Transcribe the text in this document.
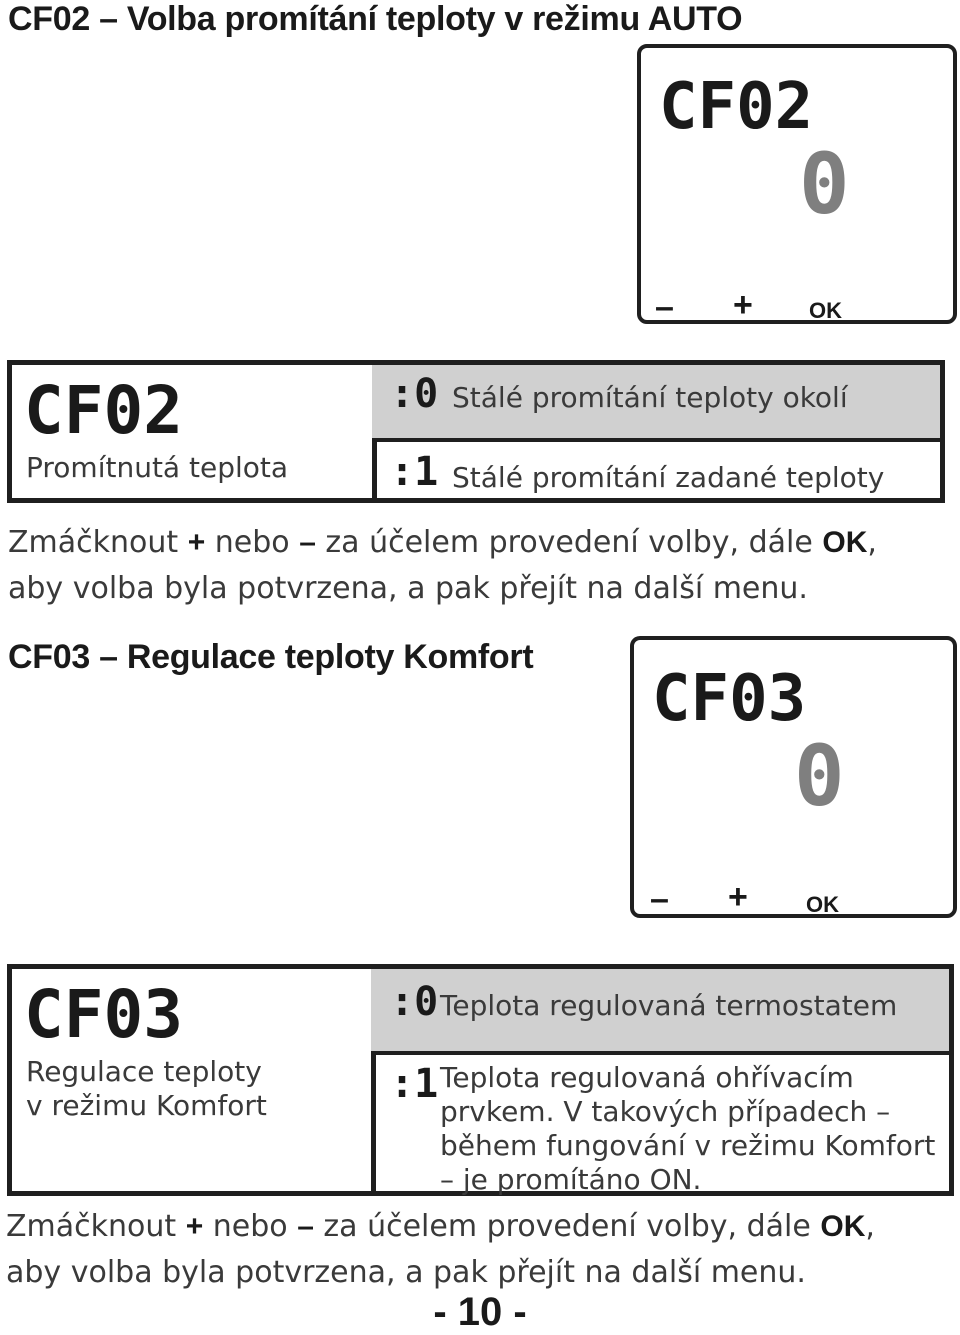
CF02 – Volba promítání teploty v režimu AUTO
CF02
0
– +	OK
CF02
Promítnutá teplota
:0 Stálé promítání teploty okolí
:1 Stálé promítání zadané teploty
Zmáčknout + nebo – za účelem provedení volby, dále OK,
aby volba byla potvrzena, a pak přejít na další menu.
CF03 – Regulace teploty Komfort
CF03
0
– +	OK
CF03
Regulace teploty
v režimu Komfort
:0 Teplota regulovaná termostatem
:1 Teplota regulovaná ohřívacím
prvkem. V takových případech –
během fungování v režimu Komfort
– je promítáno ON.
Zmáčknout + nebo – za účelem provedení volby, dále OK,
aby volba byla potvrzena, a pak přejít na další menu.
- 10 -
